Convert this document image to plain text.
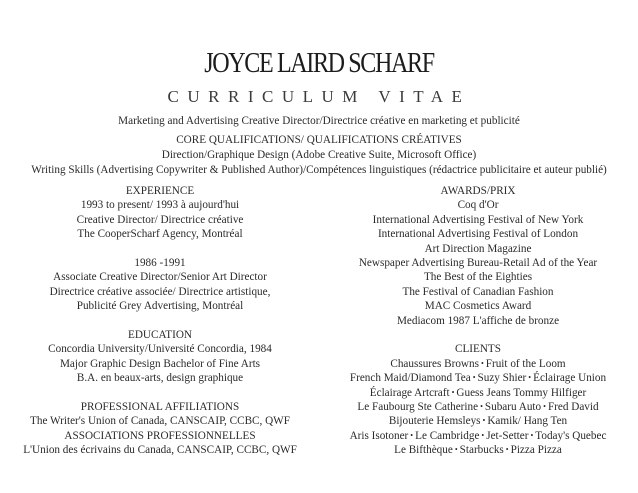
JOYCE LAIRD SCHARF
CURRICULUM VITAE
Marketing and Advertising Creative Director/Directrice créative en marketing et publicité
CORE QUALIFICATIONS/ QUALIFICATIONS CRÉATIVES
Direction/Graphique Design (Adobe Creative Suite, Microsoft Office)
Writing Skills (Advertising Copywriter & Published Author)/Compétences linguistiques (rédactrice publicitaire et auteur publié)
EXPERIENCE
1993 to present/ 1993 à aujourd'hui
Creative Director/ Directrice créative
The CooperScharf Agency, Montréal
1986 -1991
Associate Creative Director/Senior Art Director
Directrice créative associée/ Directrice artistique,
Publicité Grey Advertising, Montréal
EDUCATION
Concordia University/Université Concordia, 1984
Major Graphic Design Bachelor of Fine Arts
B.A. en beaux-arts, design graphique
PROFESSIONAL AFFILIATIONS
The Writer's Union of Canada, CANSCAIP, CCBC, QWF
ASSOCIATIONS PROFESSIONNELLES
L'Union des écrivains du Canada, CANSCAIP, CCBC, QWF
AWARDS/PRIX
Coq d'Or
International Advertising Festival of New York
International Advertising Festival of London
Art Direction Magazine
Newspaper Advertising Bureau-Retail Ad of the Year
The Best of the Eighties
The Festival of Canadian Fashion
MAC Cosmetics Award
Mediacom 1987 L'affiche de bronze
CLIENTS
Chaussures Browns • Fruit of the Loom
French Maid/Diamond Tea • Suzy Shier • Éclairage Union
Éclairage Artcraft • Guess Jeans Tommy Hilfiger
Le Faubourg Ste Catherine • Subaru Auto • Fred David
Bijouterie Hemsleys • Kamik/ Hang Ten
Aris Isotoner • Le Cambridge • Jet-Setter • Today's Quebec
Le Bifthèque • Starbucks • Pizza Pizza
